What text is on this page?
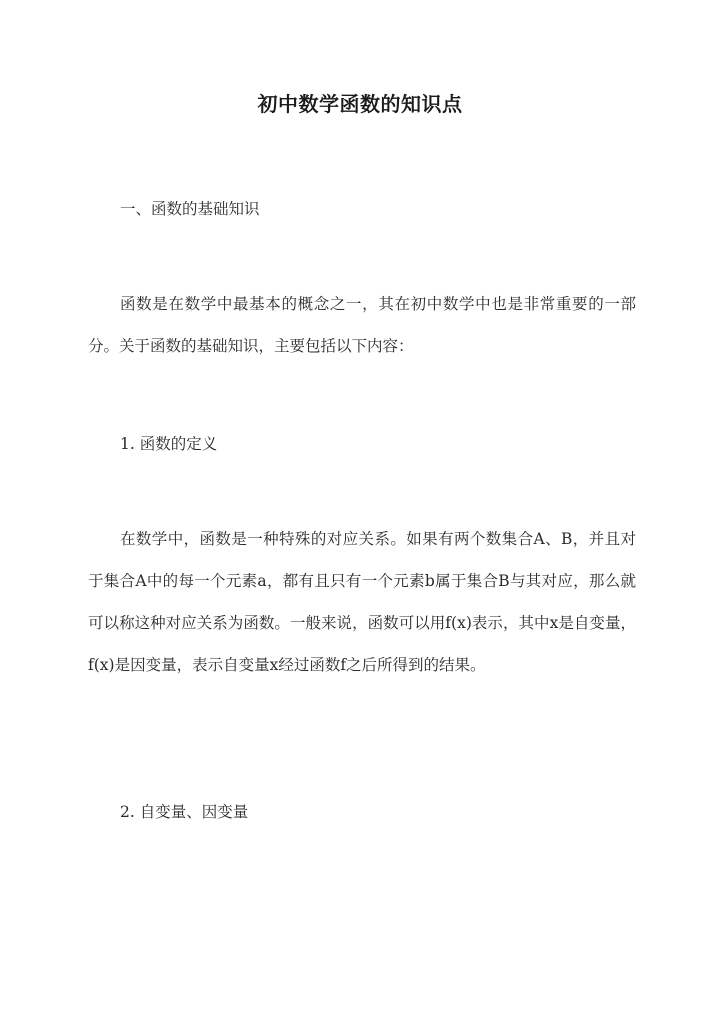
初中数学函数的知识点
一、函数的基础知识
函数是在数学中最基本的概念之一，其在初中数学中也是非常重要的一部分。关于函数的基础知识，主要包括以下内容：
1. 函数的定义
在数学中，函数是一种特殊的对应关系。如果有两个数集合A、B，并且对于集合A中的每一个元素a，都有且只有一个元素b属于集合B与其对应，那么就可以称这种对应关系为函数。一般来说，函数可以用f(x)表示，其中x是自变量，f(x)是因变量，表示自变量x经过函数f之后所得到的结果。
2. 自变量、因变量
